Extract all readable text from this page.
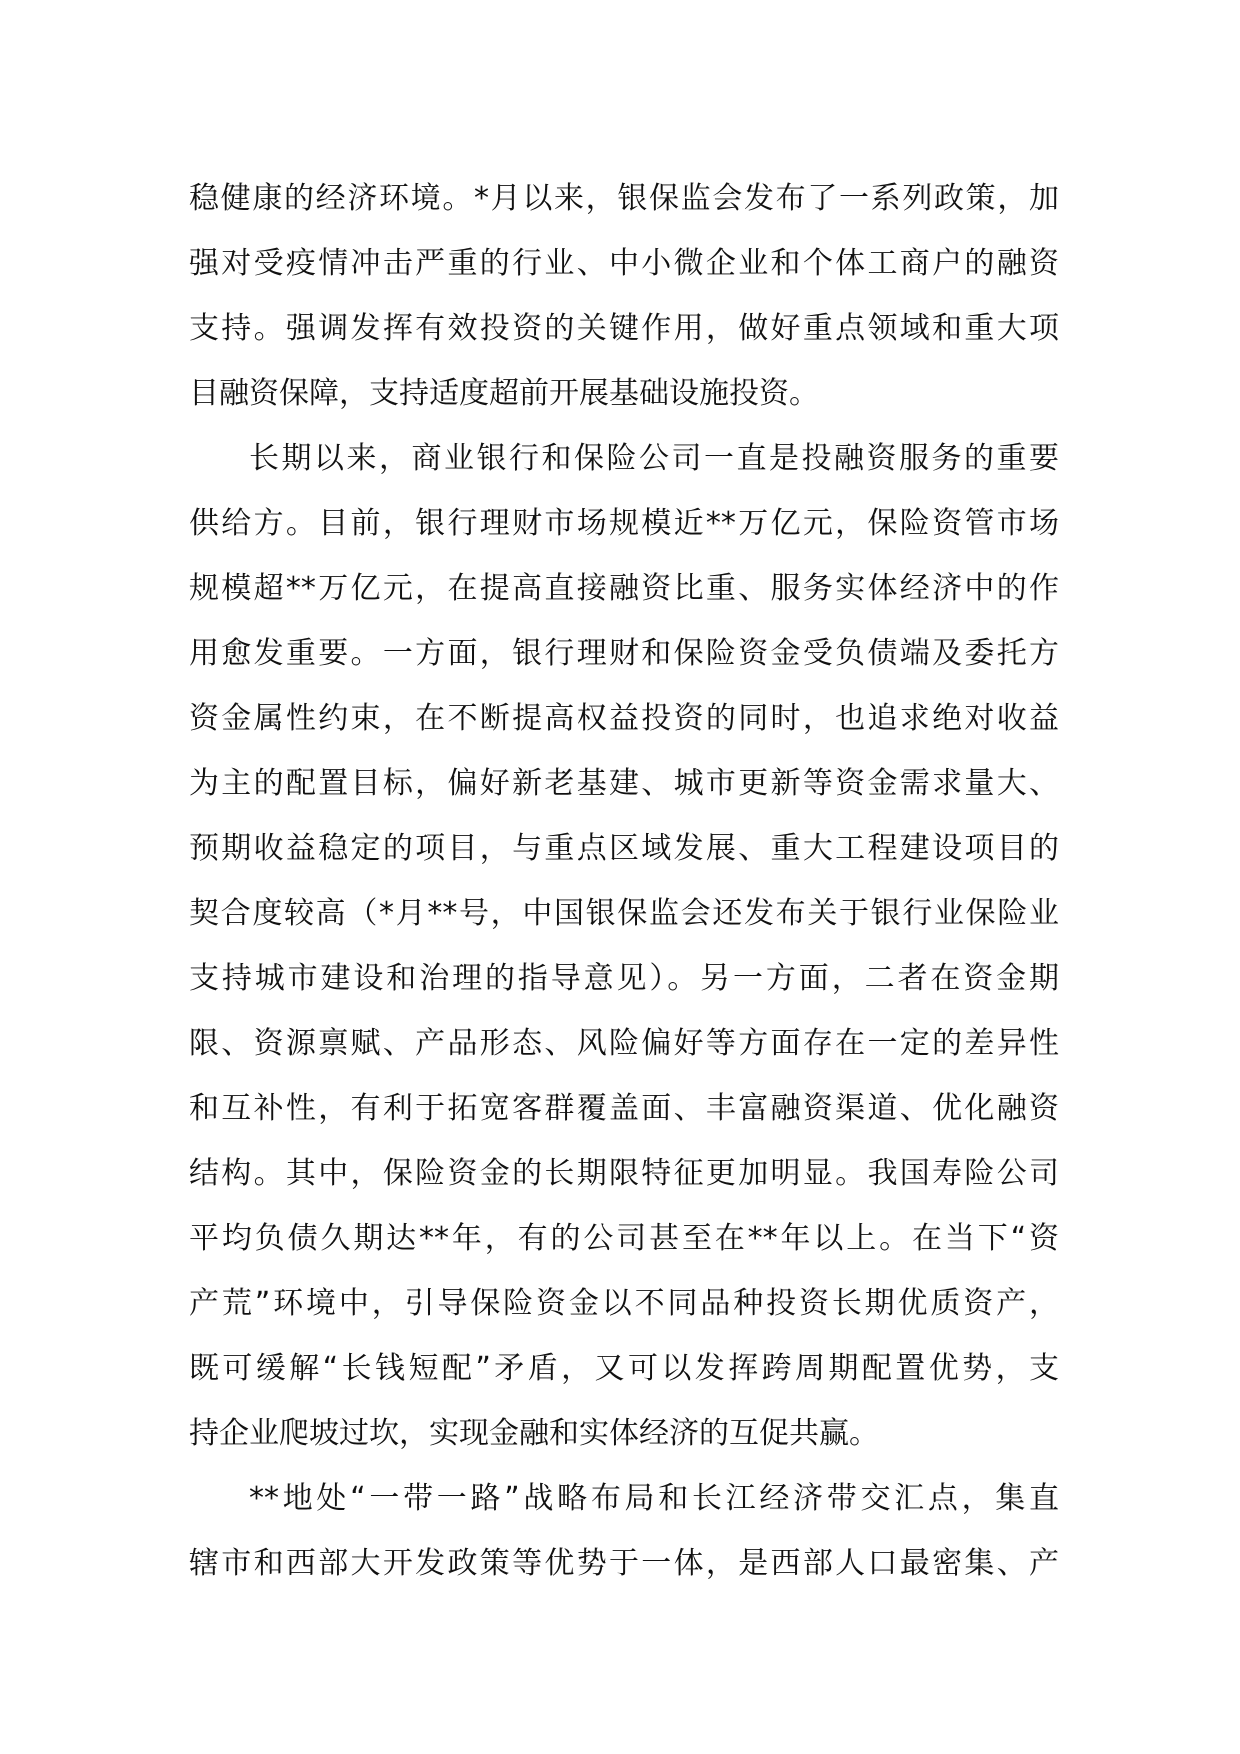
稳健康的经济环境。*月以来，银保监会发布了一系列政策，加
强对受疫情冲击严重的行业、中小微企业和个体工商户的融资
支持。强调发挥有效投资的关键作用，做好重点领域和重大项
目融资保障，支持适度超前开展基础设施投资。
长期以来，商业银行和保险公司一直是投融资服务的重要
供给方。目前，银行理财市场规模近**万亿元，保险资管市场
规模超**万亿元，在提高直接融资比重、服务实体经济中的作
用愈发重要。一方面，银行理财和保险资金受负债端及委托方
资金属性约束，在不断提高权益投资的同时，也追求绝对收益
为主的配置目标，偏好新老基建、城市更新等资金需求量大、
预期收益稳定的项目，与重点区域发展、重大工程建设项目的
契合度较高（*月**号，中国银保监会还发布关于银行业保险业
支持城市建设和治理的指导意见）。另一方面，二者在资金期
限、资源禀赋、产品形态、风险偏好等方面存在一定的差异性
和互补性，有利于拓宽客群覆盖面、丰富融资渠道、优化融资
结构。其中，保险资金的长期限特征更加明显。我国寿险公司
平均负债久期达**年，有的公司甚至在**年以上。在当下“资
产荒”环境中，引导保险资金以不同品种投资长期优质资产，
既可缓解“长钱短配”矛盾，又可以发挥跨周期配置优势，支
持企业爬坡过坎，实现金融和实体经济的互促共赢。
**地处“一带一路”战略布局和长江经济带交汇点，集直
辖市和西部大开发政策等优势于一体，是西部人口最密集、产
